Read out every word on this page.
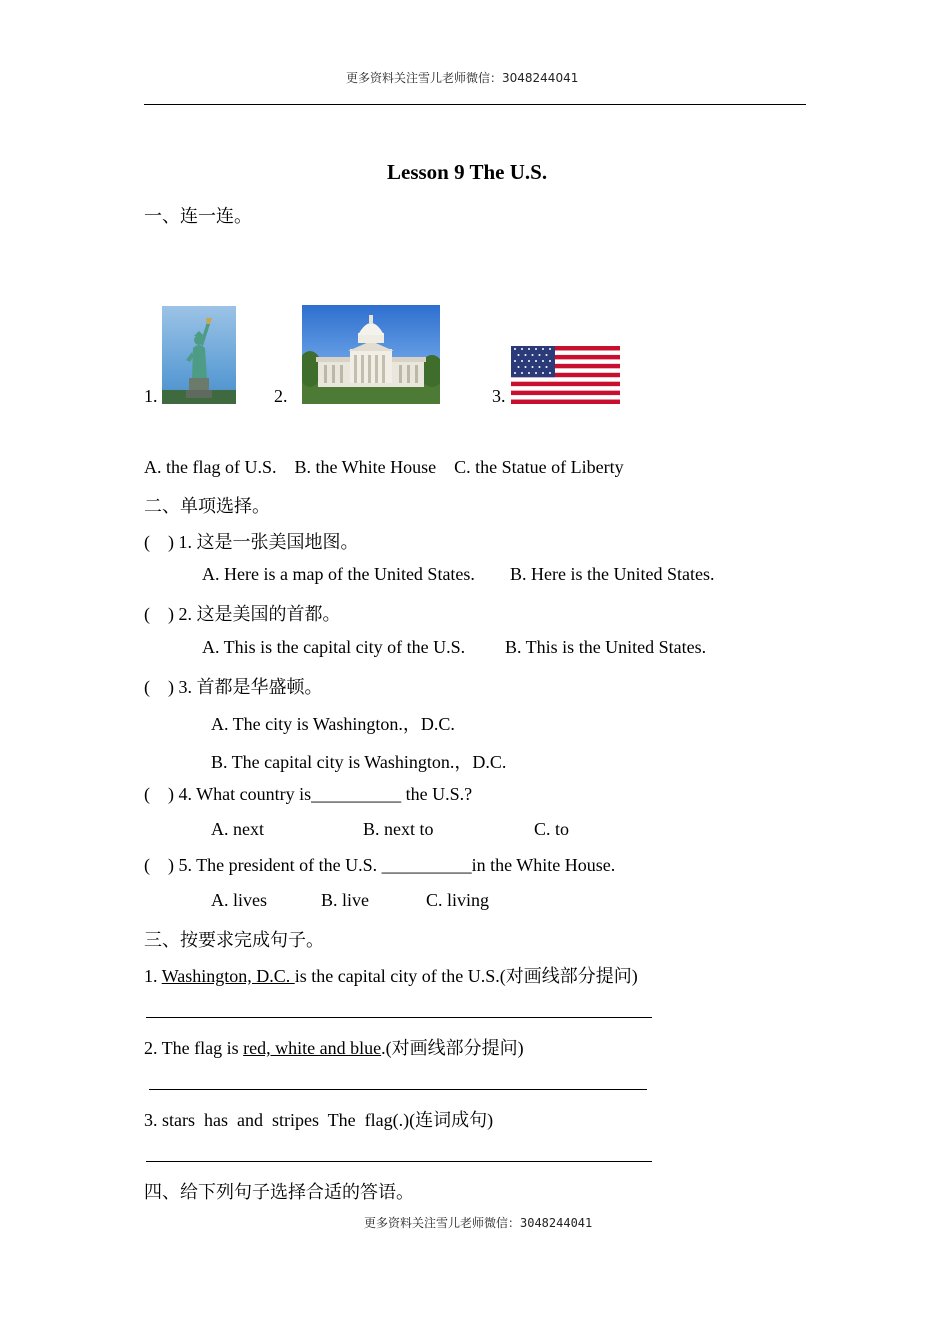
更多资料关注雪儿老师微信：3048244041
Lesson 9 The U.S.
一、连一连。
1.	2.	3.
A. the flag of U.S.    B. the White House    C. the Statue of Liberty
二、单项选择。
(    ) 1. 这是一张美国地图。
A. Here is a map of the United States. B. Here is the United States.
(    ) 2. 这是美国的首都。
A. This is the capital city of the U.S. B. This is the United States.
(    ) 3. 首都是华盛顿。
A. The city is Washington.，D.C.
B. The capital city is Washington.，D.C.
(    ) 4. What country is__________ the U.S.?
A. next	B. next to	C. to
(    ) 5. The president of the U.S. __________in the White House.
A. lives	B. live	C. living
三、按要求完成句子。
1. Washington, D.C. is the capital city of the U.S.(对画线部分提问)
2. The flag is red, white and blue.(对画线部分提问)
3. stars  has  and  stripes  The  flag(.)(连词成句)
四、给下列句子选择合适的答语。
更多资料关注雪儿老师微信：3048244041
